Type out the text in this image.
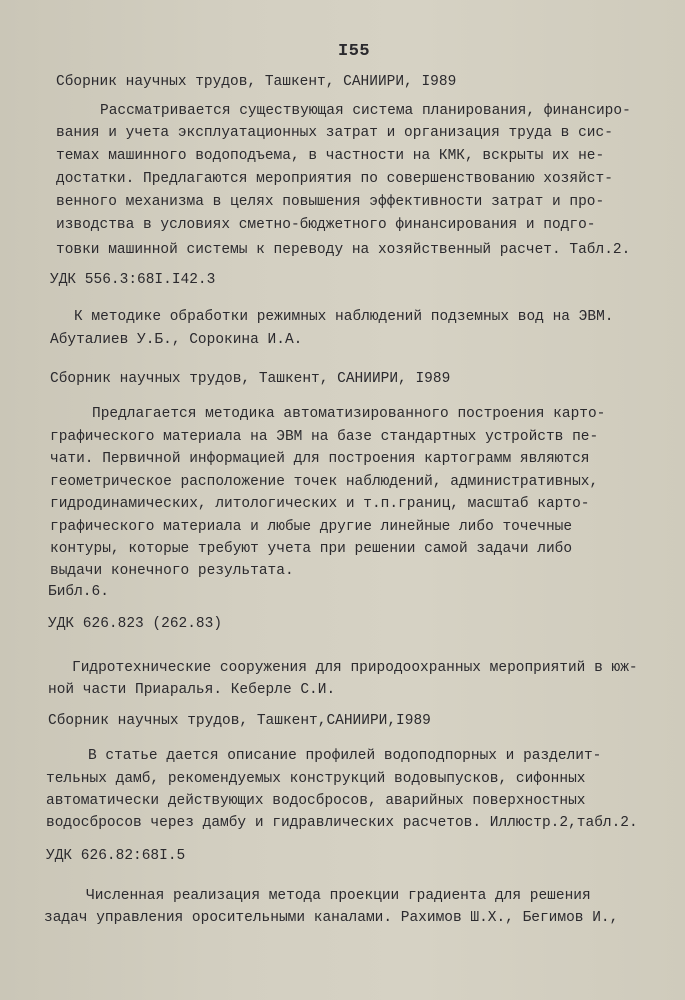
I55
Сборник научных трудов, Ташкент, САНИИРИ, I989
Рассматривается существующая система планирования, финансиро-
вания и учета эксплуатационных затрат и организация труда в сис-
темах машинного водоподъема, в частности на КМК, вскрыты их не-
достатки. Предлагаются мероприятия по совершенствованию хозяйст-
венного механизма в целях повышения эффективности затрат и про-
изводства в условиях сметно-бюджетного финансирования и подго-
товки машинной системы к переводу на хозяйственный расчет. Табл.2.
УДК 556.3:68I.I42.3
К методике обработки режимных наблюдений подземных вод на ЭВМ.
Абуталиев У.Б., Сорокина И.А.
Сборник научных трудов, Ташкент, САНИИРИ, I989
Предлагается методика автоматизированного построения карто-
графического материала на ЭВМ на базе стандартных устройств пе-
чати. Первичной информацией для построения картограмм являются
геометрическое расположение точек наблюдений, административных,
гидродинамических, литологических и т.п.границ, масштаб карто-
графического материала и любые другие линейные либо точечные
контуры, которые требуют учета при решении самой задачи либо
выдачи конечного результата.
Библ.6.
УДК 626.823 (262.83)
Гидротехнические сооружения для природоохранных мероприятий в юж-
ной части Приаралья. Кеберле С.И.
Сборник научных трудов, Ташкент,САНИИРИ,I989
В статье дается описание профилей водоподпорных и разделит-
тельных дамб, рекомендуемых конструкций водовыпусков, сифонных
автоматически действующих водосбросов, аварийных поверхностных
водосбросов через дамбу и гидравлических расчетов. Иллюстр.2,табл.2.
УДК 626.82:68I.5
Численная реализация метода проекции градиента для решения
задач управления оросительными каналами. Рахимов Ш.Х., Бегимов И.,
